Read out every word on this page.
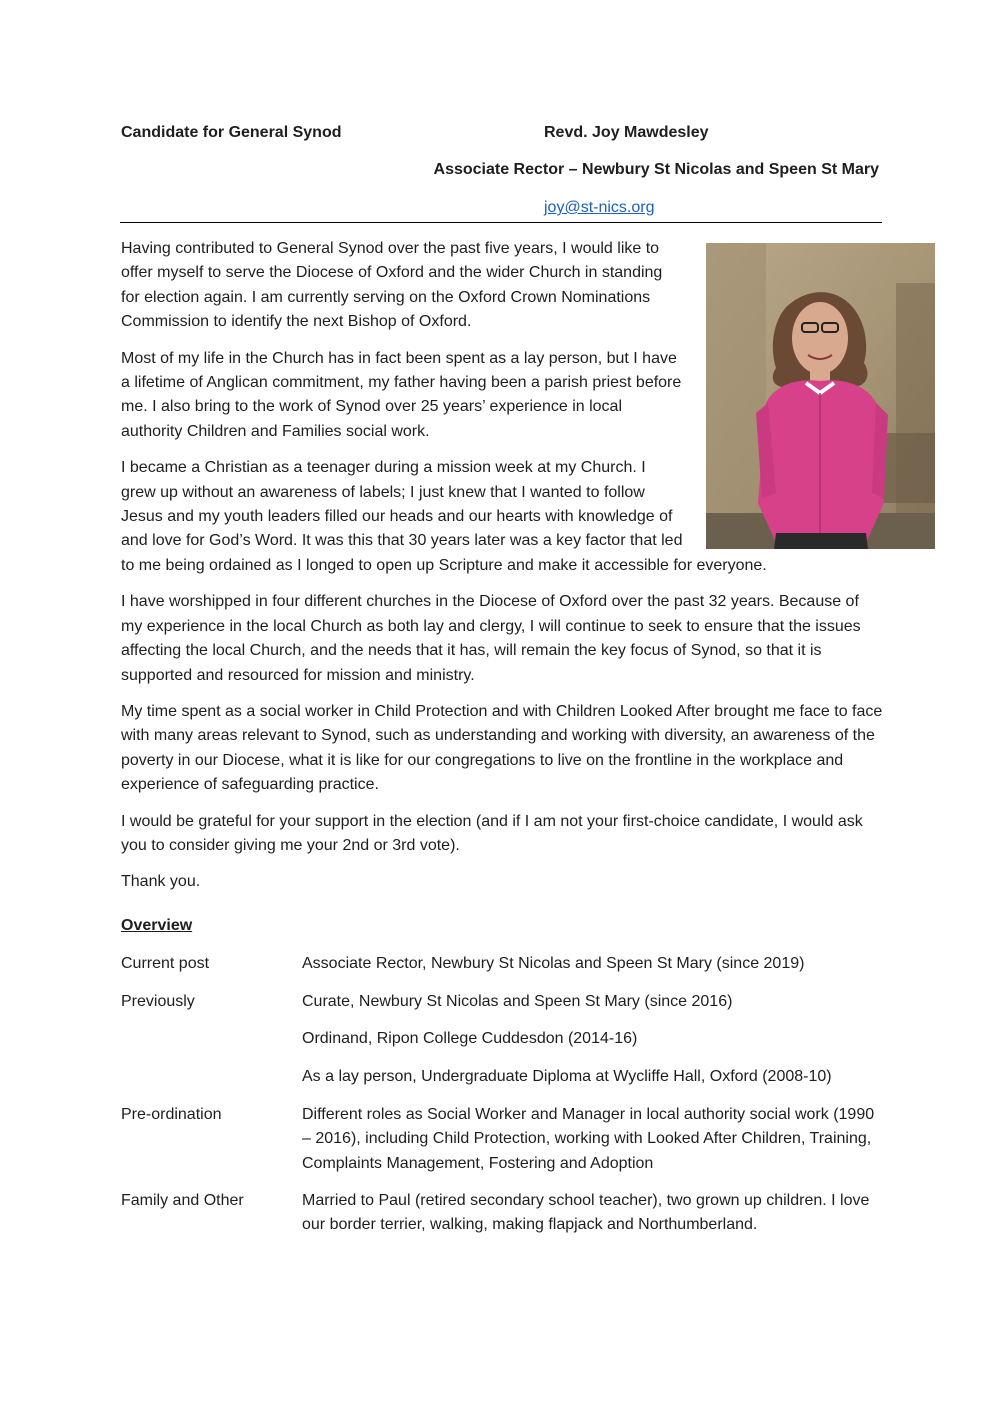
Candidate for General Synod	Revd. Joy Mawdesley
Associate Rector – Newbury St Nicolas and Speen St Mary
joy@st-nics.org

Having contributed to General Synod over the past five years, I would like to offer myself to serve the Diocese of Oxford and the wider Church in standing for election again. I am currently serving on the Oxford Crown Nominations Commission to identify the next Bishop of Oxford.

Most of my life in the Church has in fact been spent as a lay person, but I have a lifetime of Anglican commitment, my father having been a parish priest before me. I also bring to the work of Synod over 25 years’ experience in local authority Children and Families social work.

I became a Christian as a teenager during a mission week at my Church. I grew up without an awareness of labels; I just knew that I wanted to follow Jesus and my youth leaders filled our heads and our hearts with knowledge of and love for God’s Word. It was this that 30 years later was a key factor that led to me being ordained as I longed to open up Scripture and make it accessible for everyone.

I have worshipped in four different churches in the Diocese of Oxford over the past 32 years. Because of my experience in the local Church as both lay and clergy, I will continue to seek to ensure that the issues affecting the local Church, and the needs that it has, will remain the key focus of Synod, so that it is supported and resourced for mission and ministry.

My time spent as a social worker in Child Protection and with Children Looked After brought me face to face with many areas relevant to Synod, such as understanding and working with diversity, an awareness of the poverty in our Diocese, what it is like for our congregations to live on the frontline in the workplace and experience of safeguarding practice.

I would be grateful for your support in the election (and if I am not your first-choice candidate, I would ask you to consider giving me your 2nd or 3rd vote).

Thank you.

Overview
Current post	Associate Rector, Newbury St Nicolas and Speen St Mary (since 2019)
Previously	Curate, Newbury St Nicolas and Speen St Mary (since 2016)
Ordinand, Ripon College Cuddesdon (2014-16)
As a lay person, Undergraduate Diploma at Wycliffe Hall, Oxford (2008-10)
Pre-ordination	Different roles as Social Worker and Manager in local authority social work (1990 – 2016), including Child Protection, working with Looked After Children, Training, Complaints Management, Fostering and Adoption
Family and Other	Married to Paul (retired secondary school teacher), two grown up children. I love our border terrier, walking, making flapjack and Northumberland.
